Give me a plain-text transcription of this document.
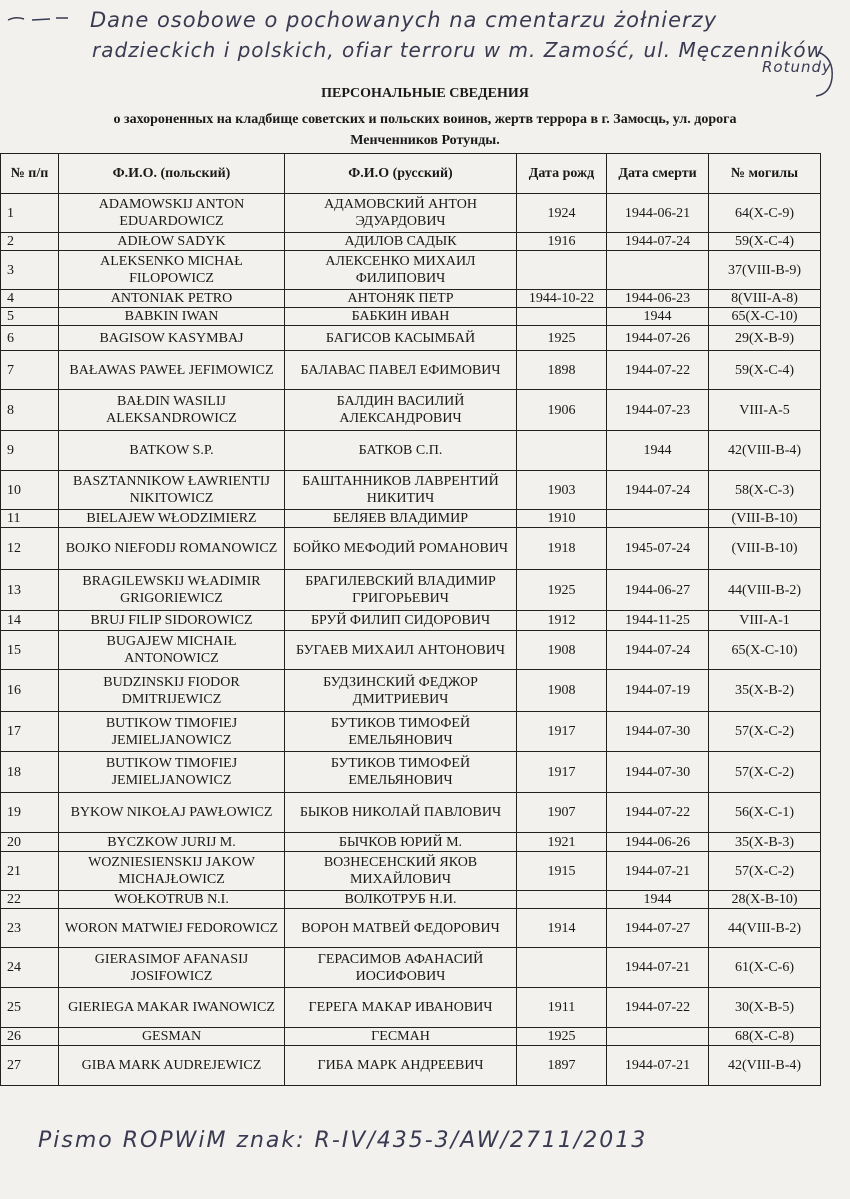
Dane osobowe o pochowanych na cmentarzu żołnierzy
radzieckich i polskich, ofiar terroru w m. Zamość, ul. Męczenników
Rotundy
ПЕРСОНАЛЬНЫЕ СВЕДЕНИЯ
о захороненных на кладбище советских и польских воинов, жертв террора в г. Замосць, ул. дорога
Менченников Ротунды.
№ п/п	Ф.И.О. (польский)	Ф.И.О (русский)	Дата рожд	Дата смерти	№ могилы
1	ADAMOWSKIJ ANTON EDUARDOWICZ	АДАМОВСКИЙ АНТОН ЭДУАРДОВИЧ	1924	1944-06-21	64(X-C-9)
2	ADIŁOW SADYK	АДИЛОВ САДЫК	1916	1944-07-24	59(X-C-4)
3	ALEKSENKO MICHAŁ FILOPOWICZ	АЛЕКСЕНКО МИХАИЛ ФИЛИПОВИЧ			37(VIII-B-9)
4	ANTONIAK PETRO	АНТОНЯК ПЕТР	1944-10-22	1944-06-23	8(VIII-A-8)
5	BABKIN IWAN	БАБКИН ИВАН		1944	65(X-C-10)
6	BAGISOW KASYMBAJ	БАГИСОВ КАСЫМБАЙ	1925	1944-07-26	29(X-B-9)
7	BAŁAWAS PAWEŁ JEFIMOWICZ	БАЛАВАС ПАВЕЛ ЕФИМОВИЧ	1898	1944-07-22	59(X-C-4)
8	BAŁDIN WASILIJ ALEKSANDROWICZ	БАЛДИН ВАСИЛИЙ АЛЕКСАНДРОВИЧ	1906	1944-07-23	VIII-A-5
9	BATKOW S.P.	БАТКОВ С.П.		1944	42(VIII-B-4)
10	BASZTANNIKOW ŁAWRIENTIJ NIKITOWICZ	БАШТАННИКОВ ЛАВРЕНТИЙ НИКИТИЧ	1903	1944-07-24	58(X-C-3)
11	BIELAJEW WŁODZIMIERZ	БЕЛЯЕВ ВЛАДИМИР	1910		(VIII-B-10)
12	BOJKO NIEFODIJ ROMANOWICZ	БОЙКО МЕФОДИЙ РОМАНОВИЧ	1918	1945-07-24	(VIII-B-10)
13	BRAGILEWSKIJ WŁADIMIR GRIGORIEWICZ	БРАГИЛЕВСКИЙ ВЛАДИМИР ГРИГОРЬЕВИЧ	1925	1944-06-27	44(VIII-B-2)
14	BRUJ FILIP SIDOROWICZ	БРУЙ ФИЛИП СИДОРОВИЧ	1912	1944-11-25	VIII-A-1
15	BUGAJEW MICHAIŁ ANTONOWICZ	БУГАЕВ МИХАИЛ АНТОНОВИЧ	1908	1944-07-24	65(X-C-10)
16	BUDZINSKIJ FIODOR DMITRIJEWICZ	БУДЗИНСКИЙ ФЕДЖОР ДМИТРИЕВИЧ	1908	1944-07-19	35(X-B-2)
17	BUTIKOW TIMOFIEJ JEMIELJANOWICZ	БУТИКОВ ТИМОФЕЙ ЕМЕЛЬЯНОВИЧ	1917	1944-07-30	57(X-C-2)
18	BUTIKOW TIMOFIEJ JEMIELJANOWICZ	БУТИКОВ ТИМОФЕЙ ЕМЕЛЬЯНОВИЧ	1917	1944-07-30	57(X-C-2)
19	BYKOW NIKOŁAJ PAWŁOWICZ	БЫКОВ НИКОЛАЙ ПАВЛОВИЧ	1907	1944-07-22	56(X-C-1)
20	BYCZKOW JURIJ M.	БЫЧКОВ ЮРИЙ М.	1921	1944-06-26	35(X-B-3)
21	WOZNIESIENSKIJ JAKOW MICHAJŁOWICZ	ВОЗНЕСЕНСКИЙ ЯКОВ МИХАЙЛОВИЧ	1915	1944-07-21	57(X-C-2)
22	WOŁKOTRUB N.I.	ВОЛКОТРУБ Н.И.		1944	28(X-B-10)
23	WORON MATWIEJ FEDOROWICZ	ВОРОН МАТВЕЙ ФЕДОРОВИЧ	1914	1944-07-27	44(VIII-B-2)
24	GIERASIMOF AFANASIJ JOSIFOWICZ	ГЕРАСИМОВ АФАНАСИЙ ИОСИФОВИЧ		1944-07-21	61(X-C-6)
25	GIERIEGA MAKAR IWANOWICZ	ГЕРЕГА МАКАР ИВАНОВИЧ	1911	1944-07-22	30(X-B-5)
26	GESMAN	ГЕСМАН	1925		68(X-C-8)
27	GIBA MARK AUDREJEWICZ	ГИБА МАРК АНДРЕЕВИЧ	1897	1944-07-21	42(VIII-B-4)
Pismo ROPWiM znak: R-IV/435-3/AW/2711/2013
